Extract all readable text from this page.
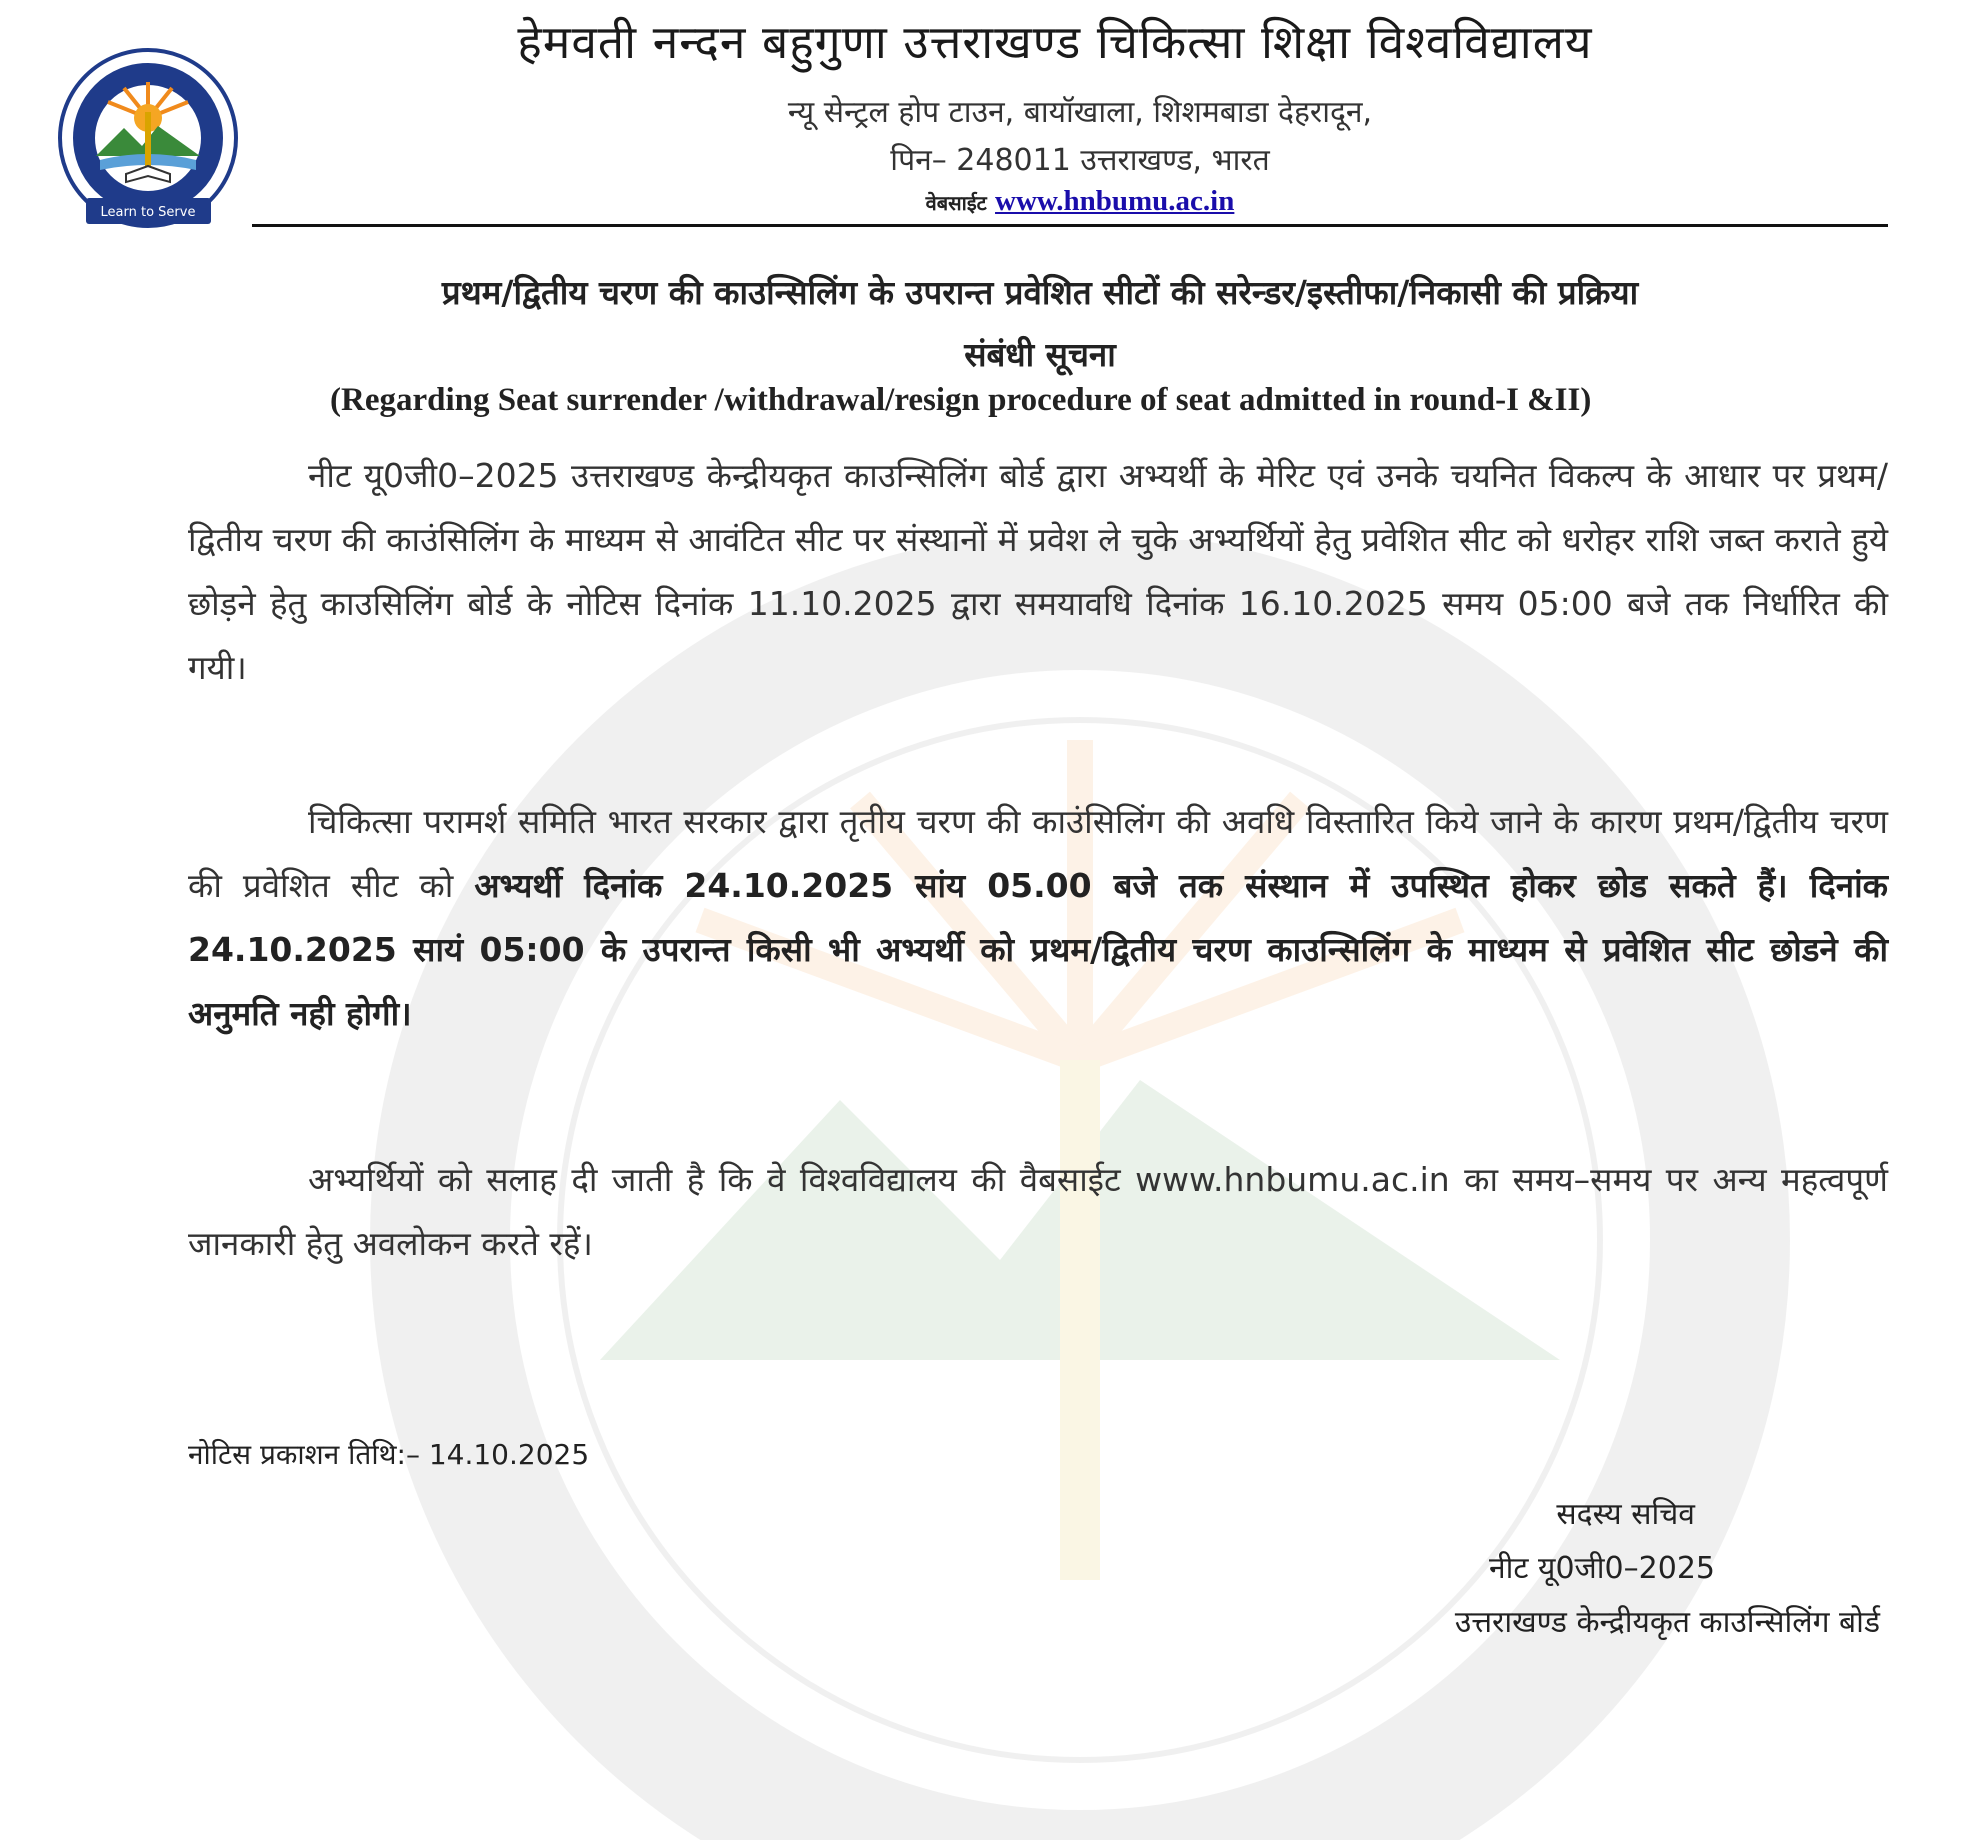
Learn to Serve
हेमवती नन्दन बहुगुणा उत्तराखण्ड चिकित्सा शिक्षा विश्वविद्यालय
न्यू सेन्ट्रल होप टाउन, बायॉखाला, शिशमबाडा देहरादून,
पिन– 248011 उत्तराखण्ड, भारत
वेबसाईट www.hnbumu.ac.in
प्रथम/द्वितीय चरण की काउन्सिलिंग के उपरान्त प्रवेशित सीटों की सरेन्डर/इस्तीफा/निकासी की प्रक्रिया
संबंधी सूचना
(Regarding Seat surrender /withdrawal/resign procedure of seat admitted in round-I &II)
नीट यू0जी0–2025 उत्तराखण्ड केन्द्रीयकृत काउन्सिलिंग बोर्ड द्वारा अभ्यर्थी के मेरिट एवं उनके चयनित विकल्प के आधार पर प्रथम/द्वितीय चरण की काउंसिलिंग के माध्यम से आवंटित सीट पर संस्थानों में प्रवेश ले चुके अभ्यर्थियों हेतु प्रवेशित सीट को धरोहर राशि जब्त कराते हुये छोड़ने हेतु काउसिलिंग बोर्ड के नोटिस दिनांक 11.10.2025 द्वारा समयावधि दिनांक 16.10.2025 समय 05:00 बजे तक निर्धारित की गयी।
चिकित्सा परामर्श समिति भारत सरकार द्वारा तृतीय चरण की काउंसिलिंग की अवधि विस्तारित किये जाने के कारण प्रथम/द्वितीय चरण की प्रवेशित सीट को अभ्यर्थी दिनांक 24.10.2025 सांय 05.00 बजे तक संस्थान में उपस्थित होकर छोड सकते हैं। दिनांक 24.10.2025 सायं 05:00 के उपरान्त किसी भी अभ्यर्थी को प्रथम/द्वितीय चरण काउन्सिलिंग के माध्यम से प्रवेशित सीट छोडने की अनुमति नही होगी।
अभ्यर्थियों को सलाह दी जाती है कि वे विश्वविद्यालय की वैबसाईट www.hnbumu.ac.in का समय–समय पर अन्य महत्वपूर्ण जानकारी हेतु अवलोकन करते रहें।
नोटिस प्रकाशन तिथि:– 14.10.2025
सदस्य सचिव
नीट यू0जी0–2025
उत्तराखण्ड केन्द्रीयकृत काउन्सिलिंग बोर्ड
